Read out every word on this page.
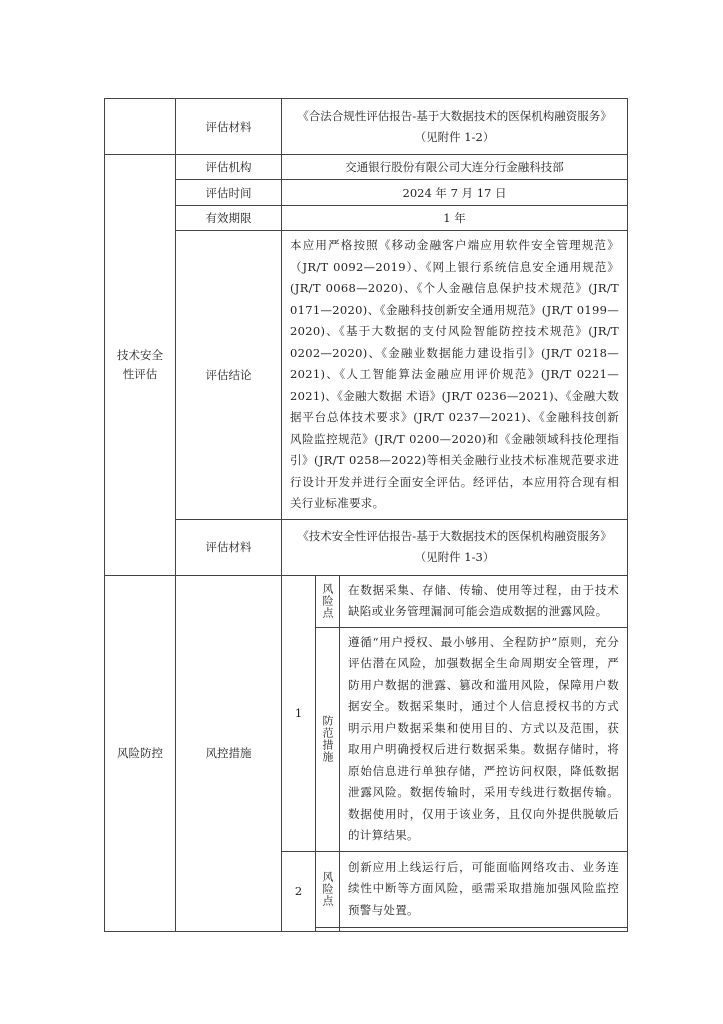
	评估材料	《合法合规性评估报告-基于大数据技术的医保机构融资服务》
（见附件 1-2）		

技术安全性评估	评估机构	交通银行股份有限公司大连分行金融科技部		
	评估时间	2024 年 7 月 17 日		
	有效期限	1 年		
	评估结论	本应用严格按照《移动金融客户端应用软件安全管理规范》（JR/T 0092—2019）、《网上银行系统信息安全通用规范》(JR/T 0068—2020)、《个人金融信息保护技术规范》(JR/T 0171—2020)、《金融科技创新安全通用规范》(JR/T 0199—2020)、《基于大数据的支付风险智能防控技术规范》(JR/T 0202—2020)、《金融业数据能力建设指引》(JR/T 0218—2021)、《人工智能算法金融应用评价规范》(JR/T 0221—2021)、《金融大数据 术语》(JR/T 0236—2021)、《金融大数据平台总体技术要求》(JR/T 0237—2021)、《金融科技创新风险监控规范》(JR/T 0200—2020)和《金融领域科技伦理指引》(JR/T 0258—2022)等相关金融行业技术标准规范要求进行设计开发并进行全面安全评估。经评估，本应用符合现有相关行业标准要求。		
	评估材料	《技术安全性评估报告-基于大数据技术的医保机构融资服务》
（见附件 1-3）		

风险防控	风控措施	1	风险点	在数据采集、存储、传输、使用等过程，由于技术缺陷或业务管理漏洞可能会造成数据的泄露风险。

			防范措施	遵循“用户授权、最小够用、全程防护”原则，充分评估潜在风险，加强数据全生命周期安全管理，严防用户数据的泄露、篡改和滥用风险，保障用户数据安全。数据采集时，通过个人信息授权书的方式明示用户数据采集和使用目的、方式以及范围，获取用户明确授权后进行数据采集。数据存储时，将原始信息进行单独存储，严控访问权限，降低数据泄露风险。数据传输时，采用专线进行数据传输。数据使用时，仅用于该业务，且仅向外提供脱敏后的计算结果。
		2	风险点	创新应用上线运行后，可能面临网络攻击、业务连续性中断等方面风险，亟需采取措施加强风险监控预警与处置。
